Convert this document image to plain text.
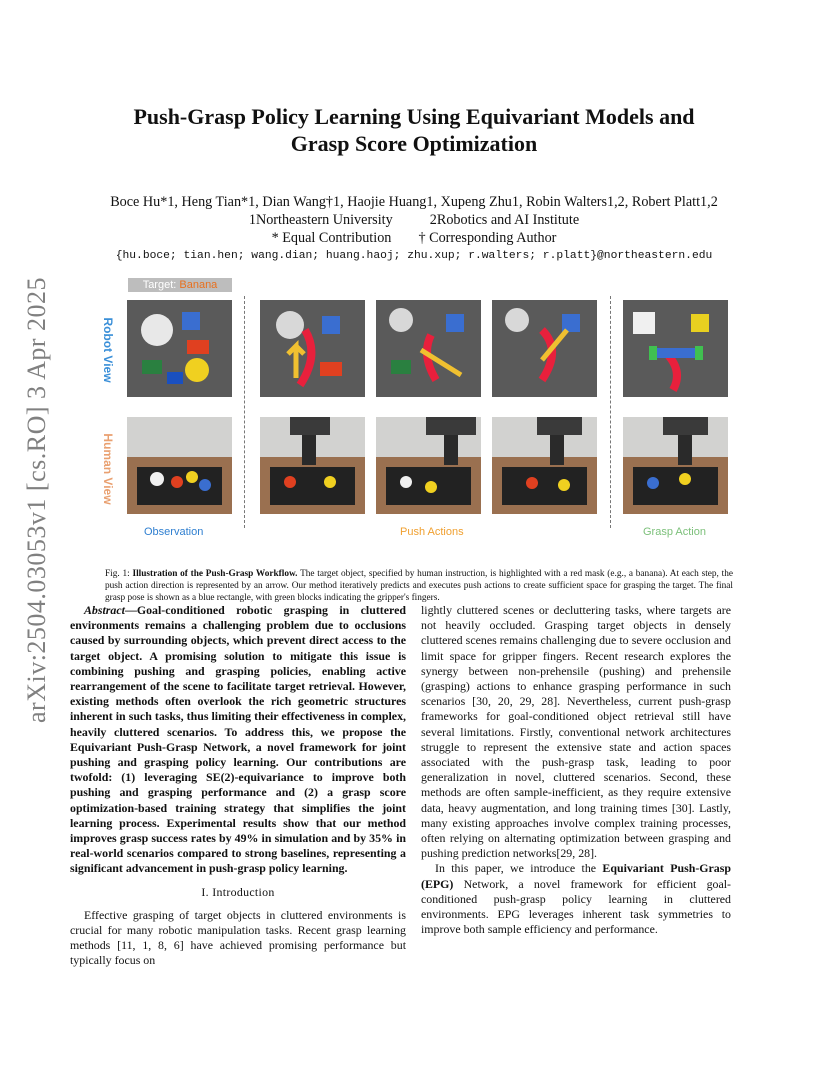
arXiv:2504.03053v1 [cs.RO] 3 Apr 2025
Push-Grasp Policy Learning Using Equivariant Models and
Grasp Score Optimization
Boce Hu*1, Heng Tian*1, Dian Wang†1, Haojie Huang1, Xupeng Zhu1, Robin Walters1,2, Robert Platt1,2
1Northeastern University	2Robotics and AI Institute
* Equal Contribution † Corresponding Author
{hu.boce; tian.hen; wang.dian; huang.haoj; zhu.xup; r.walters; r.platt}@northeastern.edu
Target: Banana
Robot View
Human View
Observation	Push Actions	Grasp Action
Fig. 1: Illustration of the Push-Grasp Workflow. The target object, specified by human instruction, is highlighted with a red mask (e.g., a banana). At each step, the push action direction is represented by an arrow. Our method iteratively predicts and executes push actions to create sufficient space for grasping the target. The final grasp pose is shown as a blue rectangle, with green blocks indicating the gripper's fingers.

Abstract—Goal-conditioned robotic grasping in cluttered environments remains a challenging problem due to occlusions caused by surrounding objects, which prevent direct access to the target object. A promising solution to mitigate this issue is combining pushing and grasping policies, enabling active rearrangement of the scene to facilitate target retrieval. However, existing methods often overlook the rich geometric structures inherent in such tasks, thus limiting their effectiveness in complex, heavily cluttered scenarios. To address this, we propose the Equivariant Push-Grasp Network, a novel framework for joint pushing and grasping policy learning. Our contributions are twofold: (1) leveraging SE(2)-equivariance to improve both pushing and grasping performance and (2) a grasp score optimization-based training strategy that simplifies the joint learning process. Experimental results show that our method improves grasp success rates by 49% in simulation and by 35% in real-world scenarios compared to strong baselines, representing a significant advancement in push-grasp policy learning.

I. Introduction

Effective grasping of target objects in cluttered environments is crucial for many robotic manipulation tasks. Recent grasp learning methods [11, 1, 8, 6] have achieved promising performance but typically focus on

lightly cluttered scenes or decluttering tasks, where targets are not heavily occluded. Grasping target objects in densely cluttered scenes remains challenging due to severe occlusion and limit space for gripper fingers. Recent research explores the synergy between non-prehensile (pushing) and prehensile (grasping) actions to enhance grasping performance in such scenarios [30, 20, 29, 28]. Nevertheless, current push-grasp frameworks for goal-conditioned object retrieval still have several limitations. Firstly, conventional network architectures struggle to represent the extensive state and action spaces associated with the push-grasp task, leading to poor generalization in novel, cluttered scenarios. Second, these methods are often sample-inefficient, as they require extensive data, heavy augmentation, and long training times [30]. Lastly, many existing approaches involve complex training processes, often relying on alternating optimization between grasping and pushing prediction networks[29, 28].

In this paper, we introduce the Equivariant Push-Grasp (EPG) Network, a novel framework for efficient goal-conditioned push-grasp policy learning in cluttered environments. EPG leverages inherent task symmetries to improve both sample efficiency and performance.
